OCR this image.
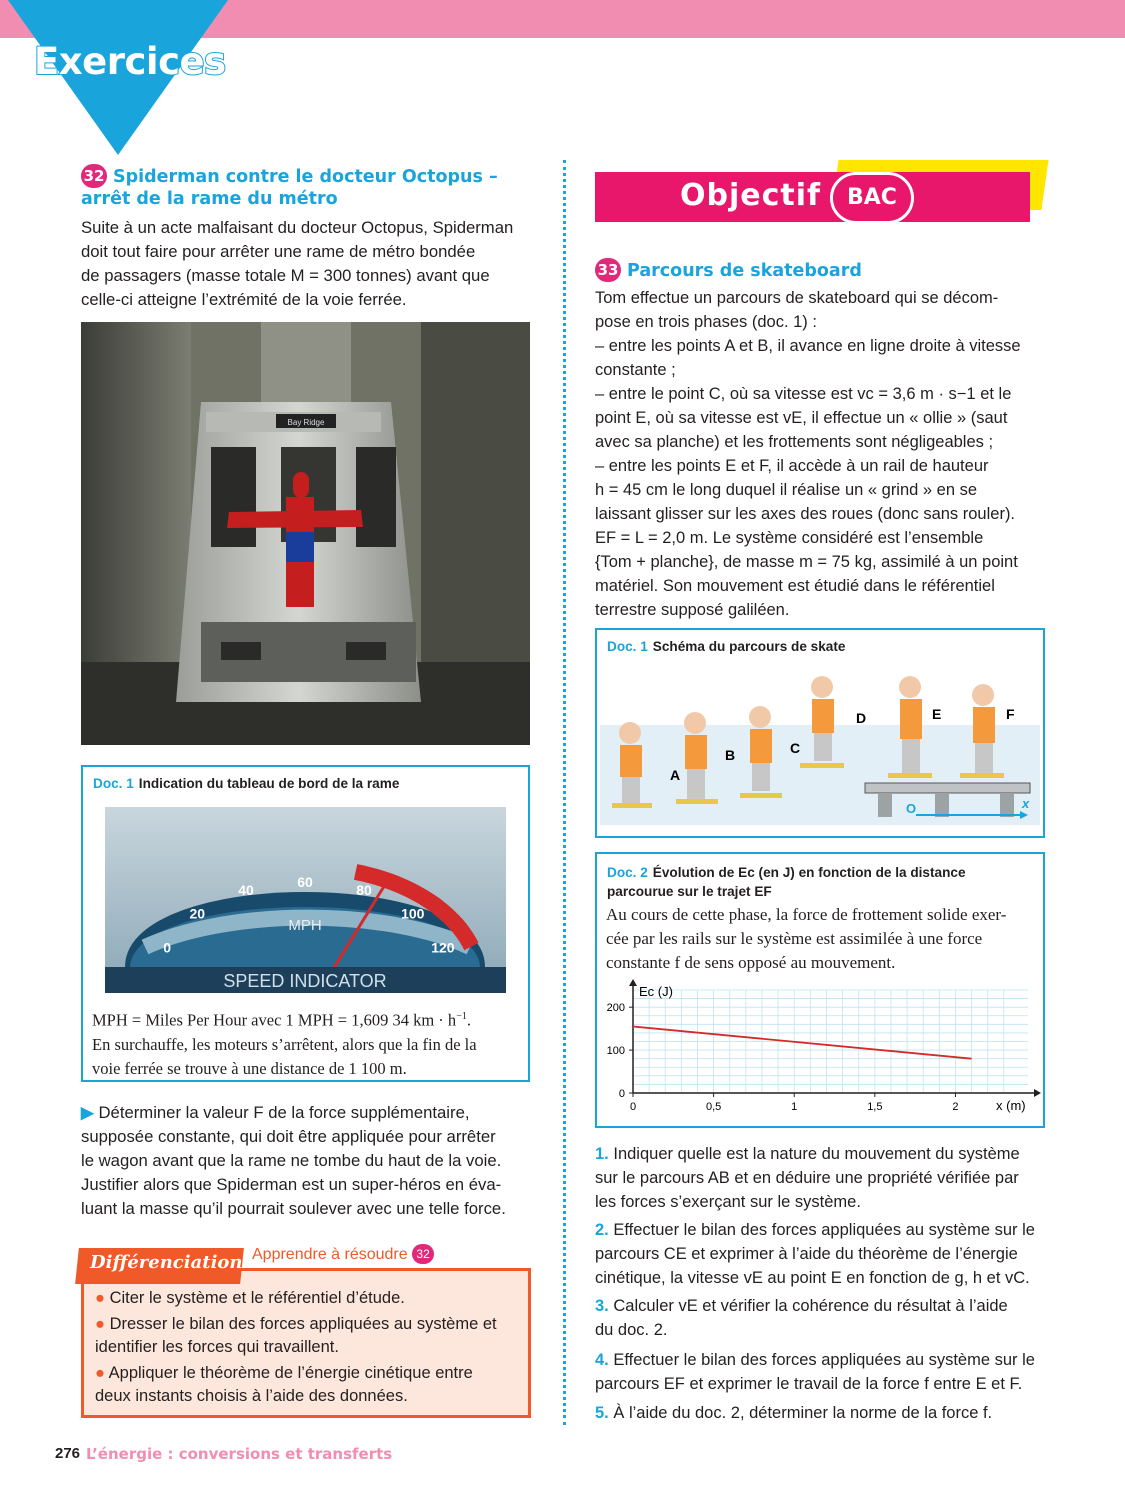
Exercices
32 Spiderman contre le docteur Octopus –
arrêt de la rame du métro

Suite à un acte malfaisant du docteur Octopus, Spiderman

doit tout faire pour arrêter une rame de métro bondée

de passagers (masse totale M = 300 tonnes) avant que

celle-ci atteigne l’extrémité de la voie ferrée.

Bay Ridge
Doc. 1 Indication du tableau de bord de la rame
0
20
40
60
80
100
120
MPH
SPEED INDICATOR
MPH = Miles Per Hour avec 1 MPH = 1,609 34 km · $h^{-1}$.
En surchauffe, les moteurs s’arrêtent, alors que la fin de la
voie ferrée se trouve à une distance de 1 100 m.

▶ Déterminer la valeur F de la force supplémentaire,

supposée constante, qui doit être appliquée pour arrêter

le wagon avant que la rame ne tombe du haut de la voie.

Justifier alors que Spiderman est un super-héros en éva-

luant la masse qu’il pourrait soulever avec une telle force.

Différenciation Apprendre à résoudre 32
● Citer le système et le référentiel d’étude.
● Dresser le bilan des forces appliquées au système et
identifier les forces qui travaillent.
● Appliquer le théorème de l’énergie cinétique entre
deux instants choisis à l’aide des données.
Objectif	BAC
33 Parcours de skateboard

Tom effectue un parcours de skateboard qui se décom-

pose en trois phases (doc. 1) :

– entre les points A et B, il avance en ligne droite à vitesse

constante ;

– entre le point C, où sa vitesse est vc = 3,6 m · s−1 et le

point E, où sa vitesse est vE, il effectue un « ollie » (saut

avec sa planche) et les frottements sont négligeables ;

– entre les points E et F, il accède à un rail de hauteur

h = 45 cm le long duquel il réalise un « grind » en se

laissant glisser sur les axes des roues (donc sans rouler).

EF = L = 2,0 m. Le système considéré est l’ensemble

{Tom + planche}, de masse m = 75 kg, assimilé à un point

matériel. Son mouvement est étudié dans le référentiel

terrestre supposé galiléen.

Doc. 1 Schéma du parcours de skate
O	x
A
B	C
D	E	F
Doc. 2 Évolution de Ec (en J) en fonction de la distance
parcourue sur le trajet EF
Au cours de cette phase, la force de frottement solide exer-
cée par les rails sur le système est assimilée à une force
constante f de sens opposé au mouvement.
0
100
200
0	0,5	1	1,5	2
Ec (J)
x (m)
1. Indiquer quelle est la nature du mouvement du système
sur le parcours AB et en déduire une propriété vérifiée par
les forces s’exerçant sur le système.
2. Effectuer le bilan des forces appliquées au système sur le
parcours CE et exprimer à l’aide du théorème de l’énergie
cinétique, la vitesse vE au point E en fonction de g, h et vC.
3. Calculer vE et vérifier la cohérence du résultat à l’aide
du doc. 2.
4. Effectuer le bilan des forces appliquées au système sur le
parcours EF et exprimer le travail de la force f entre E et F.
5. À l’aide du doc. 2, déterminer la norme de la force f.
276 L’énergie : conversions et transferts
